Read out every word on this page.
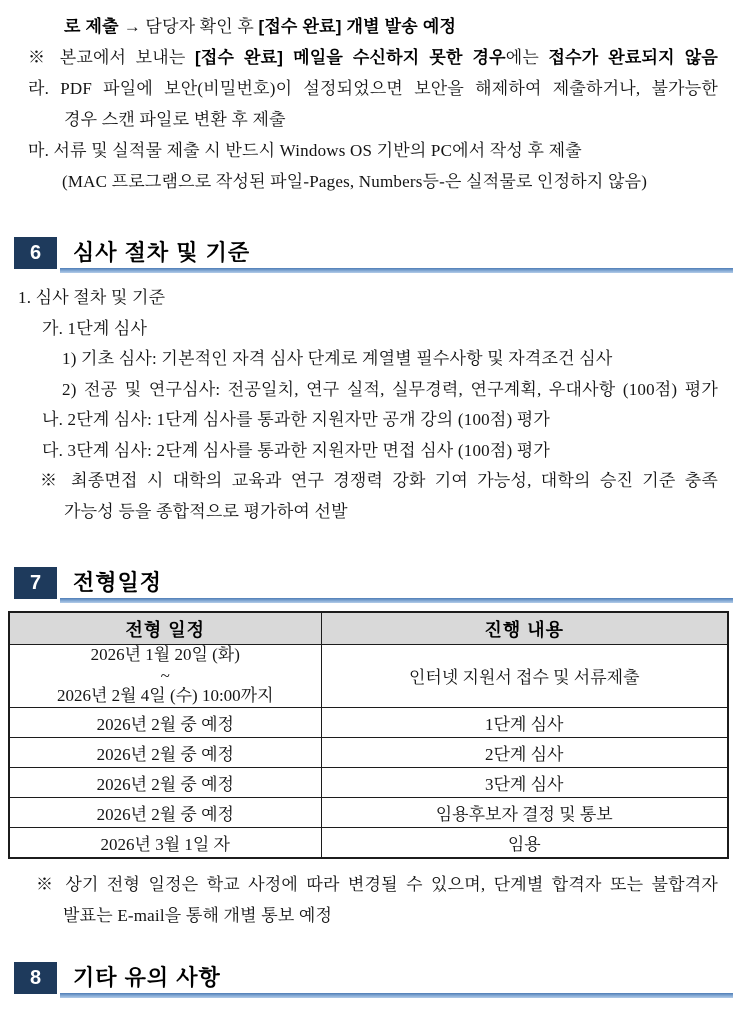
로 제출 → 담당자 확인 후 [접수 완료] 개별 발송 예정
※ 본교에서 보내는 [접수 완료] 메일을 수신하지 못한 경우에는 접수가 완료되지 않음
라. PDF 파일에 보안(비밀번호)이 설정되었으면 보안을 해제하여 제출하거나, 불가능한
경우 스캔 파일로 변환 후 제출
마. 서류 및 실적물 제출 시 반드시 Windows OS 기반의 PC에서 작성 후 제출
(MAC 프로그램으로 작성된 파일-Pages, Numbers등-은 실적물로 인정하지 않음)
6	심사 절차 및 기준
1. 심사 절차 및 기준
가. 1단계 심사
1) 기초 심사: 기본적인 자격 심사 단계로 계열별 필수사항 및 자격조건 심사
2) 전공 및 연구심사: 전공일치, 연구 실적, 실무경력, 연구계획, 우대사항 (100점) 평가
나. 2단계 심사: 1단계 심사를 통과한 지원자만 공개 강의 (100점) 평가
다. 3단계 심사: 2단계 심사를 통과한 지원자만 면접 심사 (100점) 평가
※ 최종면접 시 대학의 교육과 연구 경쟁력 강화 기여 가능성, 대학의 승진 기준 충족
가능성 등을 종합적으로 평가하여 선발
7	전형일정
전형 일정	진행 내용

2026년 1월 20일 (화)
~
2026년 2월 4일 (수) 10:00까지	인터넷 지원서 접수 및 서류제출

2026년 2월 중 예정	1단계 심사

2026년 2월 중 예정	2단계 심사

2026년 2월 중 예정	3단계 심사

2026년 2월 중 예정	임용후보자 결정 및 통보

2026년 3월 1일 자	임용
※ 상기 전형 일정은 학교 사정에 따라 변경될 수 있으며, 단계별 합격자 또는 불합격자
발표는 E-mail을 통해 개별 통보 예정
8	기타 유의 사항
